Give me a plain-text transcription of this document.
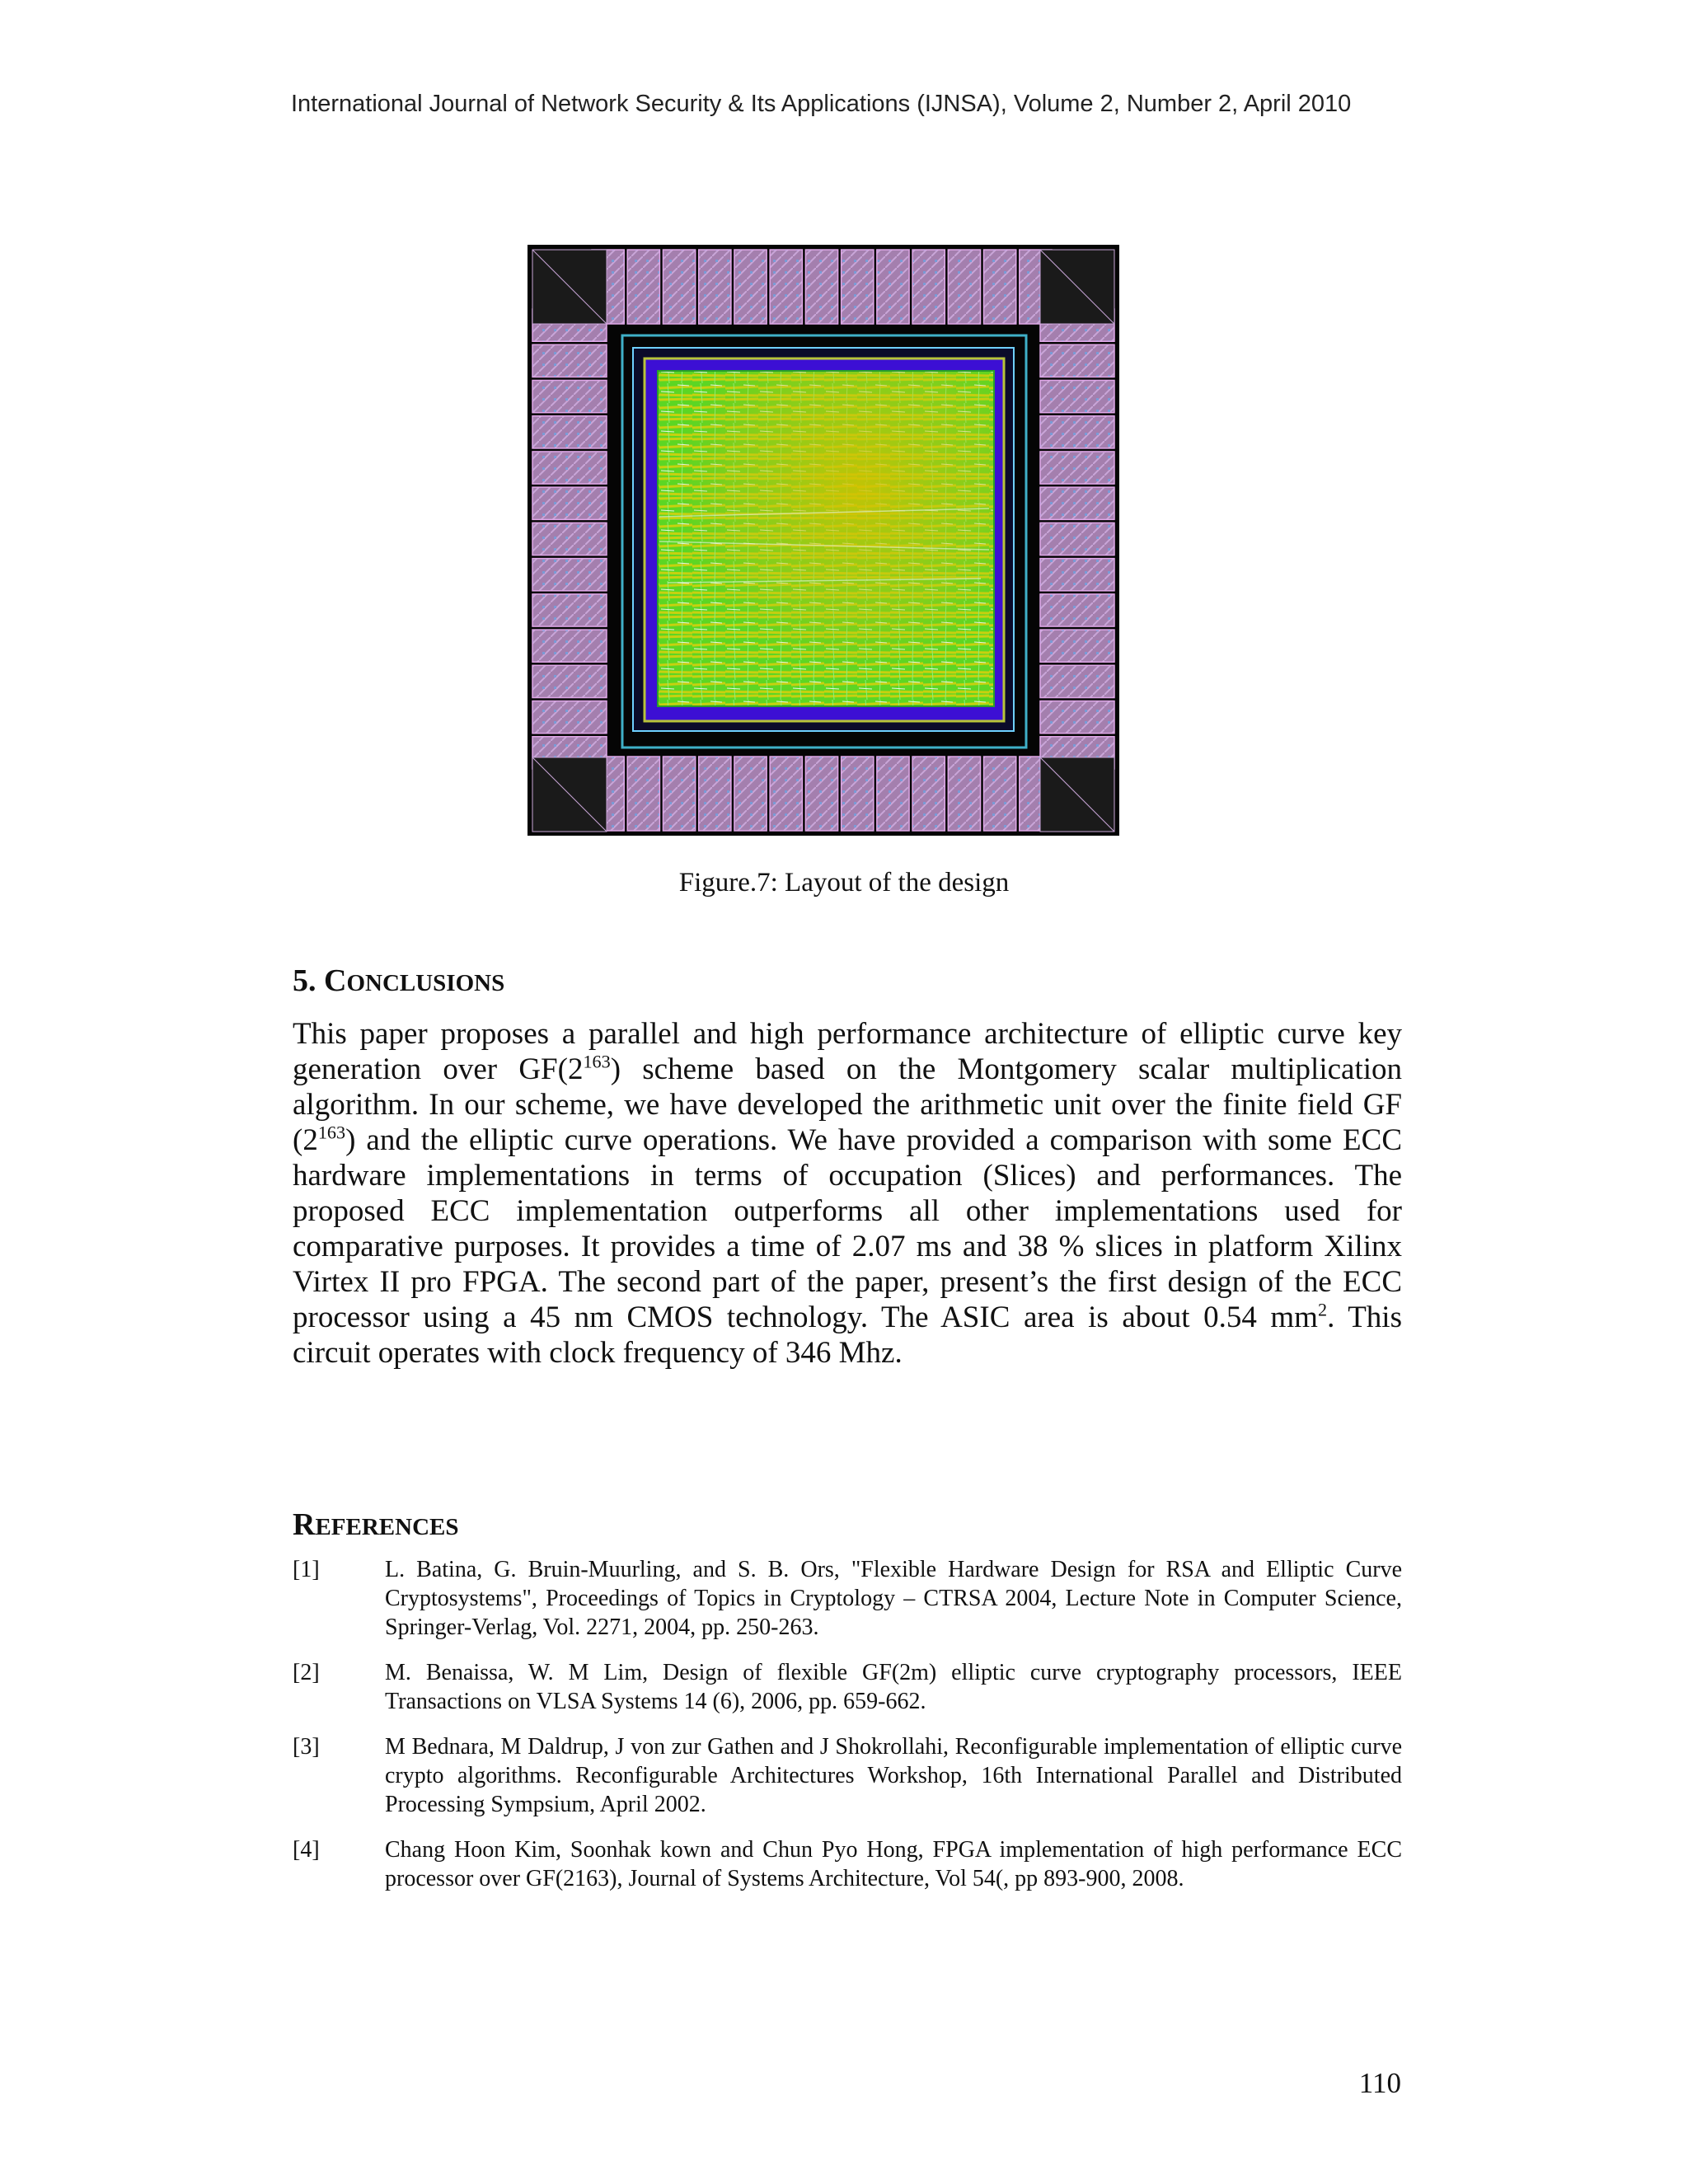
International Journal of Network Security & Its Applications (IJNSA), Volume 2, Number 2, April 2010
Figure.7: Layout of the design
5. CONCLUSIONS

This paper proposes a parallel and high performance architecture of elliptic curve key generation over $GF(2^{163})$ scheme based on the Montgomery scalar multiplication algorithm. In our scheme, we have developed the arithmetic unit over the finite field GF $(2^{163})$ and the elliptic curve operations. We have provided a comparison with some ECC hardware implementations in terms of occupation (Slices) and performances. The proposed ECC implementation outperforms all other implementations used for comparative purposes. It provides a time of 2.07 ms and 38 % slices in platform Xilinx Virtex II pro FPGA. The second part of the paper, present’s the first design of the ECC processor using a 45 nm CMOS technology. The ASIC area is about 0.54 $mm^2$. This circuit operates with clock frequency of 346 Mhz.

REFERENCES
[1]	L. Batina, G. Bruin-Muurling, and S. B. Ors, "Flexible Hardware Design for RSA and Elliptic Curve Cryptosystems", Proceedings of Topics in Cryptology – CTRSA 2004, Lecture Note in Computer Science, Springer-Verlag, Vol. 2271, 2004, pp. 250-263.
[2]	M. Benaissa, W. M Lim, Design of flexible GF(2m) elliptic curve cryptography processors, IEEE Transactions on VLSA Systems 14 (6), 2006, pp. 659-662.
[3]	M Bednara, M Daldrup, J von zur Gathen and J Shokrollahi, Reconfigurable implementation of elliptic curve crypto algorithms. Reconfigurable Architectures Workshop, 16th International Parallel and Distributed Processing Sympsium, April 2002.
[4]	Chang Hoon Kim, Soonhak kown and Chun Pyo Hong, FPGA implementation of high performance ECC processor over GF(2163), Journal of Systems Architecture, Vol 54(, pp 893-900, 2008.
110
